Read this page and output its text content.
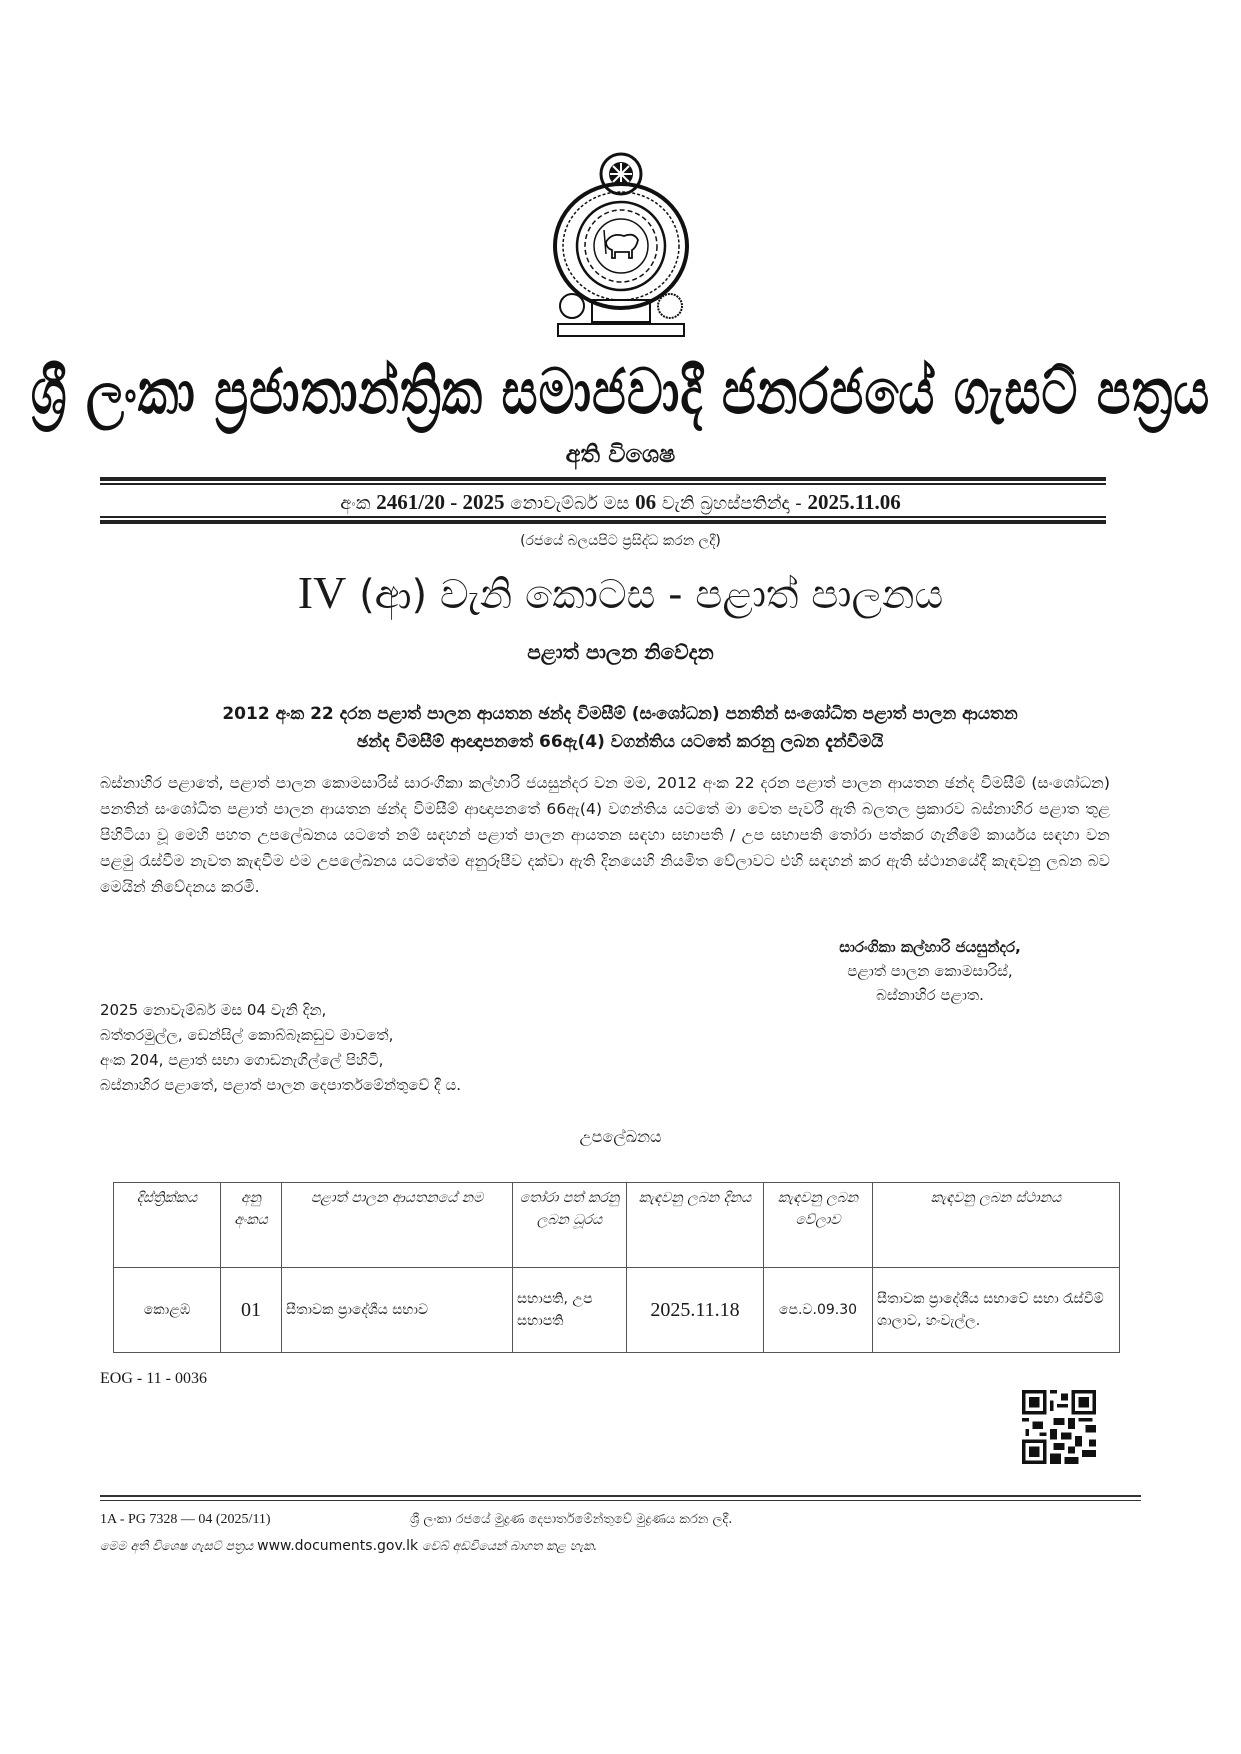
ශ්‍රී ලංකා ප්‍රජාතාන්ත්‍රික සමාජවාදී ජනරජයේ ගැසට් පත්‍රය
අති විශෙෂ
අංක 2461/20 - 2025 නොවැම්බර් මස 06 වැනි බ්‍රහස්පතින්දා - 2025.11.06
(රජයේ බලයපිට ප්‍රසිද්ධ කරන ලදී)
IV (ආ) වැනි කොටස - පළාත් පාලනය
පළාත් පාලන නිවේදන
2012 අංක 22 දරන පළාත් පාලන ආයතන ඡන්ද විමසීම් (සංශෝධන) පනතින් සංශෝධිත පළාත් පාලන ආයතන
ඡන්ද විමසීම් ආඥාපනතේ 66ඇ(4) වගන්තිය යටතේ කරනු ලබන දැන්වීමයි
බස්නාහිර පළාතේ, පළාත් පාලන කොමසාරිස් සාරංගිකා කල්හාරි ජයසුන්දර වන මම, 2012 අංක 22 දරන පළාත් පාලන ආයතන ඡන්ද විමසීම් (සංශෝධන) පනතින් සංශෝධිත පළාත් පාලන ආයතන ඡන්ද විමසීම් ආඥාපනතේ 66ඇ(4) වගන්තිය යටතේ මා වෙත පැවරී ඇති බලතල ප්‍රකාරව බස්නාහිර පළාත තුළ පිහිටියා වූ මෙහි පහත උපලේඛනය යටතේ නම් සඳහන් පළාත් පාලන ආයතන සඳහා සභාපති / උප සභාපති තෝරා පත්කර ගැනීමේ කාර්යය සඳහා වන පළමු රැස්වීම නැවත කැඳවීම එම උපලේඛනය යටතේම අනුරූපීව දක්වා ඇති දිනයෙහි නියමිත වේලාවට එහි සඳහන් කර ඇති ස්ථානයේදී කැඳවනු ලබන බව මෙයින් නිවේදනය කරමි.
සාරංගිකා කල්හාරි ජයසුන්දර,
පළාත් පාලන කොමසාරිස්,
බස්නාහිර පළාත.
2025 නොවැම්බර් මස 04 වැනි දින,
බත්තරමුල්ල, ඩෙන්සිල් කොබ්බෑකඩුව මාවතේ,
අංක 204, පළාත් සභා ගොඩනැගිල්ලේ පිහිටි,
බස්නාහිර පළාතේ, පළාත් පාලන දෙපාර්තමේන්තුවේ දී ය.
උපලේඛනය
දිස්ත්‍රික්කය	අනු අංකය	පළාත් පාලන ආයතනයේ නම	තෝරා පත් කරනු ලබන ධූරය	කැඳවනු ලබන දිනය	කැඳවනු ලබන වේලාව	කැඳවනු ලබන ස්ථානය
කොළඹ	01	සීතාවක ප්‍රාදේශීය සභාව	සභාපති, උප සභාපති	2025.11.18	පෙ.ව.09.30	සීතාවක ප්‍රාදේශීය සභාවේ සභා රැස්වීම් ශාලාව, හංවැල්ල.
EOG - 11 - 0036
1A - PG 7328 — 04 (2025/11)	ශ්‍රී ලංකා රජයේ මුද්‍රණ දෙපාර්තමේන්තුවේ මුද්‍රණය කරන ලදී.
මෙම අති විශෙෂ ගැසට් පත්‍රය www.documents.gov.lk වෙබ් අඩවියෙන් බාගත කළ හැක.
